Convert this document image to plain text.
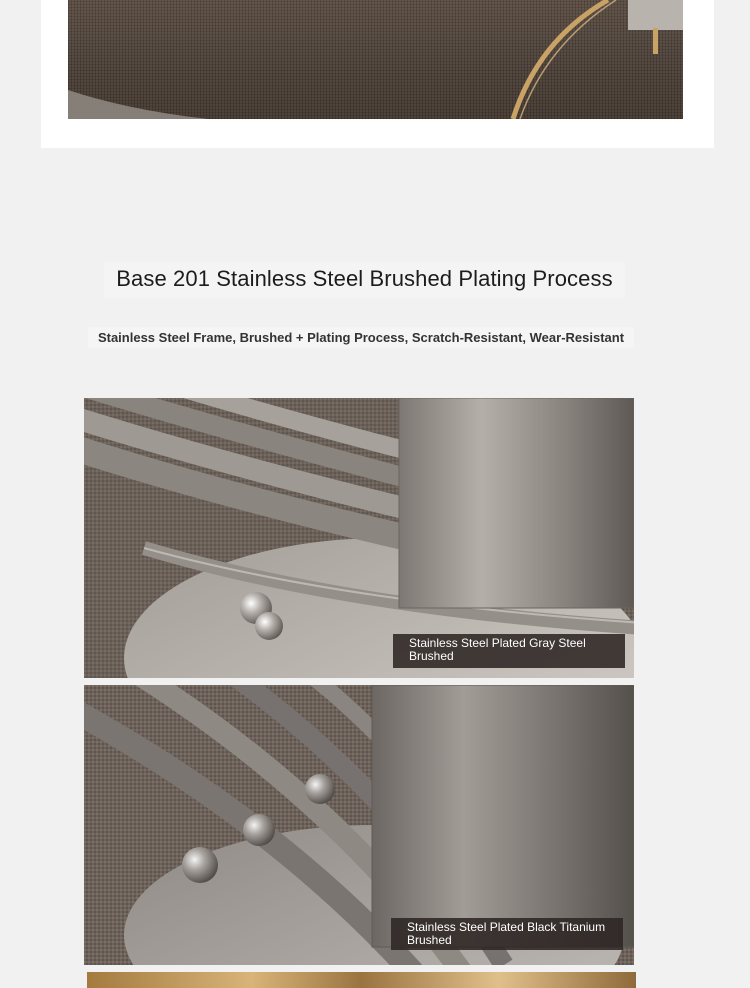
Base 201 Stainless Steel Brushed Plating Process
Stainless Steel Frame, Brushed + Plating Process, Scratch-Resistant, Wear-Resistant
Stainless Steel Plated Gray Steel Brushed
Stainless Steel Plated Black Titanium Brushed
